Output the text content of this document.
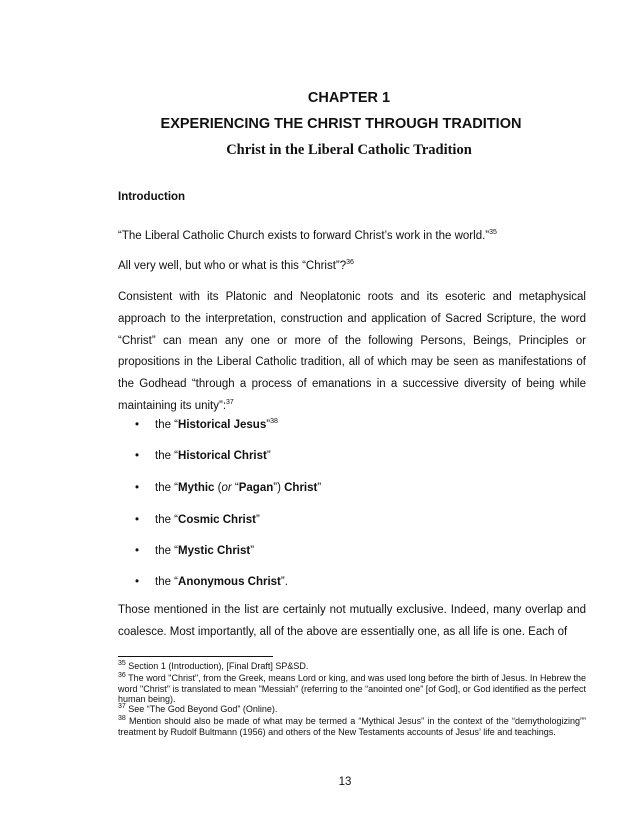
CHAPTER 1
EXPERIENCING THE CHRIST THROUGH TRADITION
Christ in the Liberal Catholic Tradition
Introduction
“The Liberal Catholic Church exists to forward Christ’s work in the world.”$^{35}$
All very well, but who or what is this “Christ”?$^{36}$
Consistent with its Platonic and Neoplatonic roots and its esoteric and metaphysical approach to the interpretation, construction and application of Sacred Scripture, the word “Christ” can mean any one or more of the following Persons, Beings, Principles or propositions in the Liberal Catholic tradition, all of which may be seen as manifestations of the Godhead “through a process of emanations in a successive diversity of being while maintaining its unity”:$^{37}$
• the “Historical Jesus”$^{38}$
• the “Historical Christ”
• the “Mythic (or “Pagan”) Christ”
• the “Cosmic Christ”
• the “Mystic Christ”
• the “Anonymous Christ”.
Those mentioned in the list are certainly not mutually exclusive. Indeed, many overlap and coalesce. Most importantly, all of the above are essentially one, as all life is one. Each of
$^{35}$ Section 1 (Introduction), [Final Draft] SP&SD.
$^{36}$ The word "Christ", from the Greek, means Lord or king, and was used long before the birth of Jesus. In Hebrew the word "Christ" is translated to mean "Messiah" (referring to the “anointed one” [of God], or God identified as the perfect human being).
$^{37}$ See “The God Beyond God” (Online).
$^{38}$ Mention should also be made of what may be termed a “Mythical Jesus” in the context of the “demythologizing”” treatment by Rudolf Bultmann (1956) and others of the New Testaments accounts of Jesus’ life and teachings.
13
